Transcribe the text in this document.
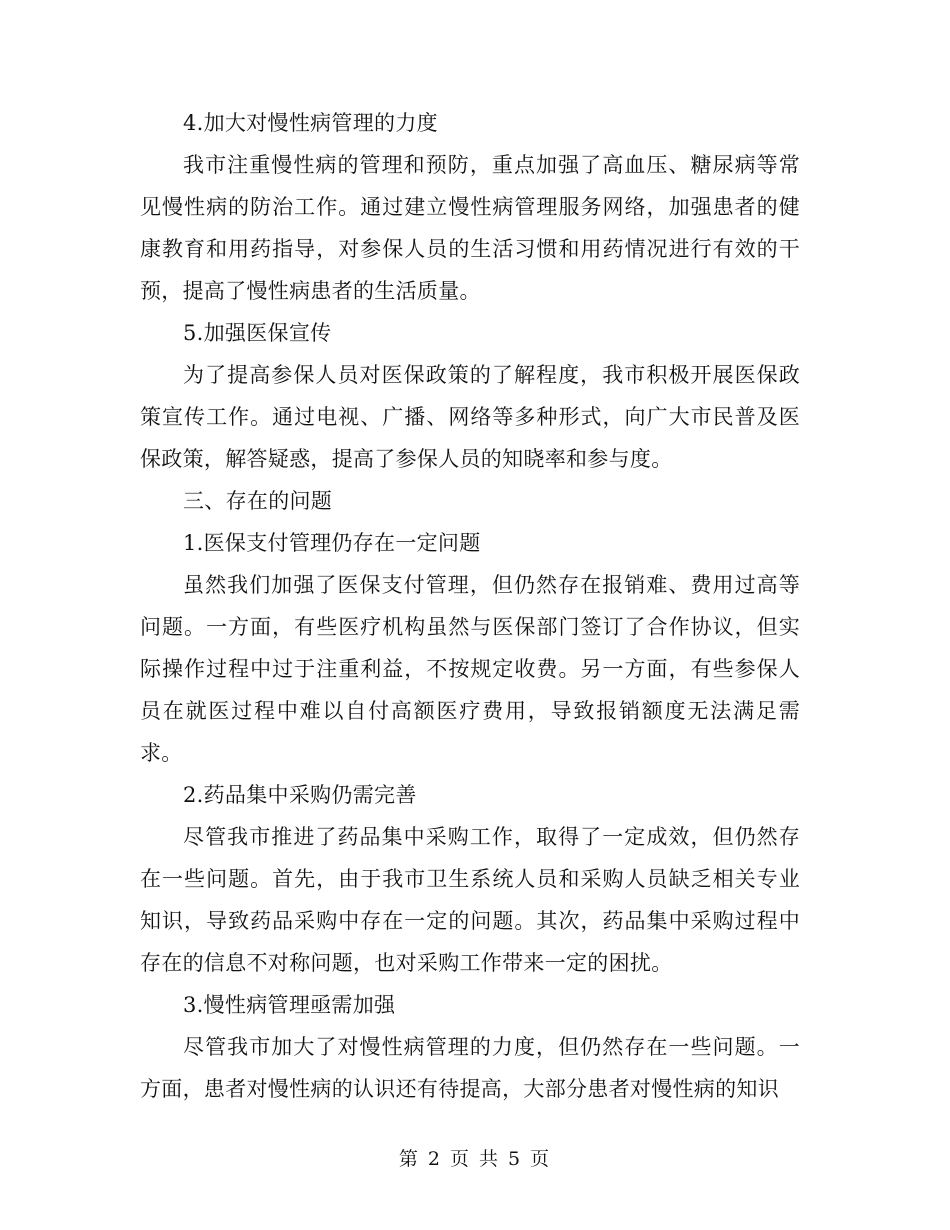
4.加大对慢性病管理的力度

我市注重慢性病的管理和预防，重点加强了高血压、糖尿病等常见慢性病的防治工作。通过建立慢性病管理服务网络，加强患者的健康教育和用药指导，对参保人员的生活习惯和用药情况进行有效的干预，提高了慢性病患者的生活质量。

5.加强医保宣传

为了提高参保人员对医保政策的了解程度，我市积极开展医保政策宣传工作。通过电视、广播、网络等多种形式，向广大市民普及医保政策，解答疑惑，提高了参保人员的知晓率和参与度。

三、存在的问题

1.医保支付管理仍存在一定问题

虽然我们加强了医保支付管理，但仍然存在报销难、费用过高等问题。一方面，有些医疗机构虽然与医保部门签订了合作协议，但实际操作过程中过于注重利益，不按规定收费。另一方面，有些参保人员在就医过程中难以自付高额医疗费用，导致报销额度无法满足需求。

2.药品集中采购仍需完善

尽管我市推进了药品集中采购工作，取得了一定成效，但仍然存在一些问题。首先，由于我市卫生系统人员和采购人员缺乏相关专业知识，导致药品采购中存在一定的问题。其次，药品集中采购过程中存在的信息不对称问题，也对采购工作带来一定的困扰。

3.慢性病管理亟需加强

尽管我市加大了对慢性病管理的力度，但仍然存在一些问题。一方面，患者对慢性病的认识还有待提高，大部分患者对慢性病的知识

第 2 页 共 5 页
